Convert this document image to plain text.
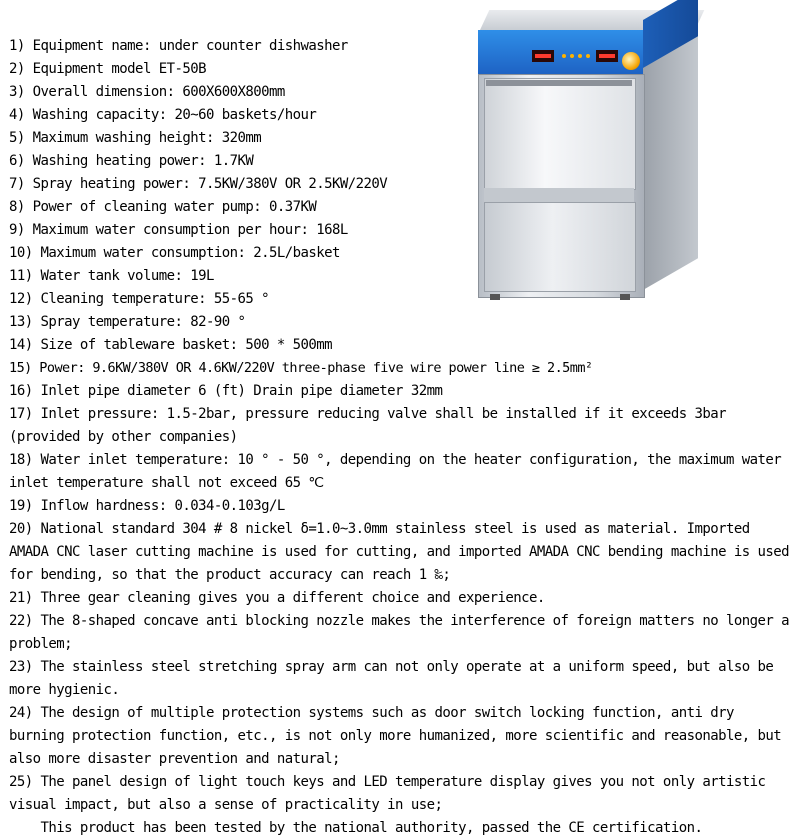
1) Equipment name: under counter dishwasher

2) Equipment model ET-50B

3) Overall dimension: 600X600X800mm

4) Washing capacity: 20~60 baskets/hour

5) Maximum washing height: 320mm

6) Washing heating power: 1.7KW

7) Spray heating power: 7.5KW/380V OR 2.5KW/220V

8) Power of cleaning water pump: 0.37KW

9) Maximum water consumption per hour: 168L

10) Maximum water consumption: 2.5L/basket

11) Water tank volume: 19L

12) Cleaning temperature: 55-65 °

13) Spray temperature: 82-90 °

14) Size of tableware basket: 500 * 500mm

15) Power: 9.6KW/380V OR 4.6KW/220V three-phase five wire power line ≥ 2.5mm²

16) Inlet pipe diameter 6 (ft) Drain pipe diameter 32mm

17) Inlet pressure: 1.5-2bar, pressure reducing valve shall be installed if it exceeds 3bar (provided by other companies)

18) Water inlet temperature: 10 ° - 50 °, depending on the heater configuration, the maximum water inlet temperature shall not exceed 65 ℃

19) Inflow hardness: 0.034-0.103g/L

20) National standard 304 # 8 nickel δ=1.0~3.0mm stainless steel is used as material. Imported AMADA CNC laser cutting machine is used for cutting, and imported AMADA CNC bending machine is used for bending, so that the product accuracy can reach 1 ‰;

21) Three gear cleaning gives you a different choice and experience.

22) The 8-shaped concave anti blocking nozzle makes the interference of foreign matters no longer a problem;

23) The stainless steel stretching spray arm can not only operate at a uniform speed, but also be more hygienic.

24) The design of multiple protection systems such as door switch locking function, anti dry burning protection function, etc., is not only more humanized, more scientific and reasonable, but also more disaster prevention and natural;

25) The panel design of light touch keys and LED temperature display gives you not only artistic visual impact, but also a sense of practicality in use;

This product has been tested by the national authority, passed the CE certification.
